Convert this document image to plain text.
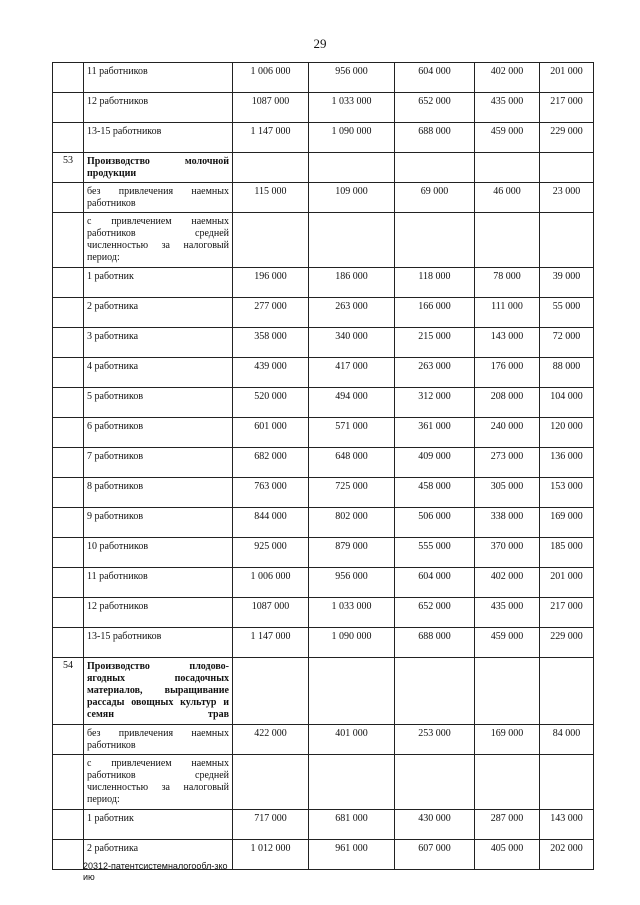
29
	11 работников	1 006 000	956 000	604 000	402 000	201 000
	12 работников	1087 000	1 033 000	652 000	435 000	217 000
	13-15 работников	1 147 000	1 090 000	688 000	459 000	229 000
53	Производство молочной продукции					
	без привлечения наемных работников	115 000	109 000	69 000	46 000	23 000
	с привлечением наемных работников средней численностью за налоговый период:					
	1 работник	196 000	186 000	118 000	78 000	39 000
	2 работника	277 000	263 000	166 000	111 000	55 000
	3 работника	358 000	340 000	215 000	143 000	72 000
	4 работника	439 000	417 000	263 000	176 000	88 000
	5 работников	520 000	494 000	312 000	208 000	104 000
	6 работников	601 000	571 000	361 000	240 000	120 000
	7 работников	682 000	648 000	409 000	273 000	136 000
	8 работников	763 000	725 000	458 000	305 000	153 000
	9 работников	844 000	802 000	506 000	338 000	169 000
	10 работников	925 000	879 000	555 000	370 000	185 000
	11 работников	1 006 000	956 000	604 000	402 000	201 000
	12 работников	1087 000	1 033 000	652 000	435 000	217 000
	13-15 работников	1 147 000	1 090 000	688 000	459 000	229 000
54	Производство плодово-ягодных посадочных материалов, выращивание рассады овощных культур и семян трав					
	без привлечения наемных работников	422 000	401 000	253 000	169 000	84 000
	с привлечением наемных работников средней численностью за налоговый период:					
	1 работник	717 000	681 000	430 000	287 000	143 000
	2 работника	1 012 000	961 000	607 000	405 000	202 000
20312-патентсистемналогообл-зко
ию
